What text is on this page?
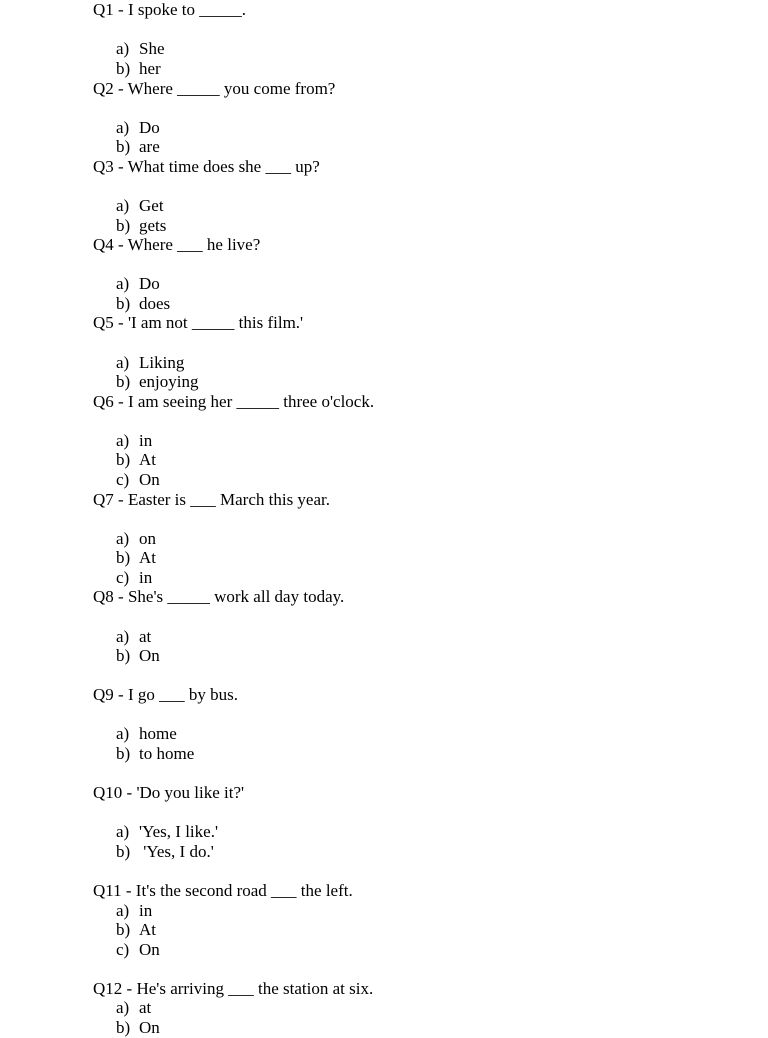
Q1 - I spoke to _____.
a) She
b) her
Q2 - Where _____ you come from?
a) Do
b) are
Q3 - What time does she ___ up?
a) Get
b) gets
Q4 - Where ___ he live?
a) Do
b) does
Q5 - 'I am not _____ this film.'
a) Liking
b) enjoying
Q6 - I am seeing her _____ three o'clock.
a) in
b) At
c) On
Q7 - Easter is ___ March this year.
a) on
b) At
c) in
Q8 - She's _____ work all day today.
a) at
b) On
Q9 - I go ___ by bus.
a) home
b) to home
Q10 - 'Do you like it?'
a) 'Yes, I like.'
b) 'Yes, I do.'
Q11 - It's the second road ___ the left.
a) in
b) At
c) On
Q12 - He's arriving ___ the station at six.
a) at
b) On
